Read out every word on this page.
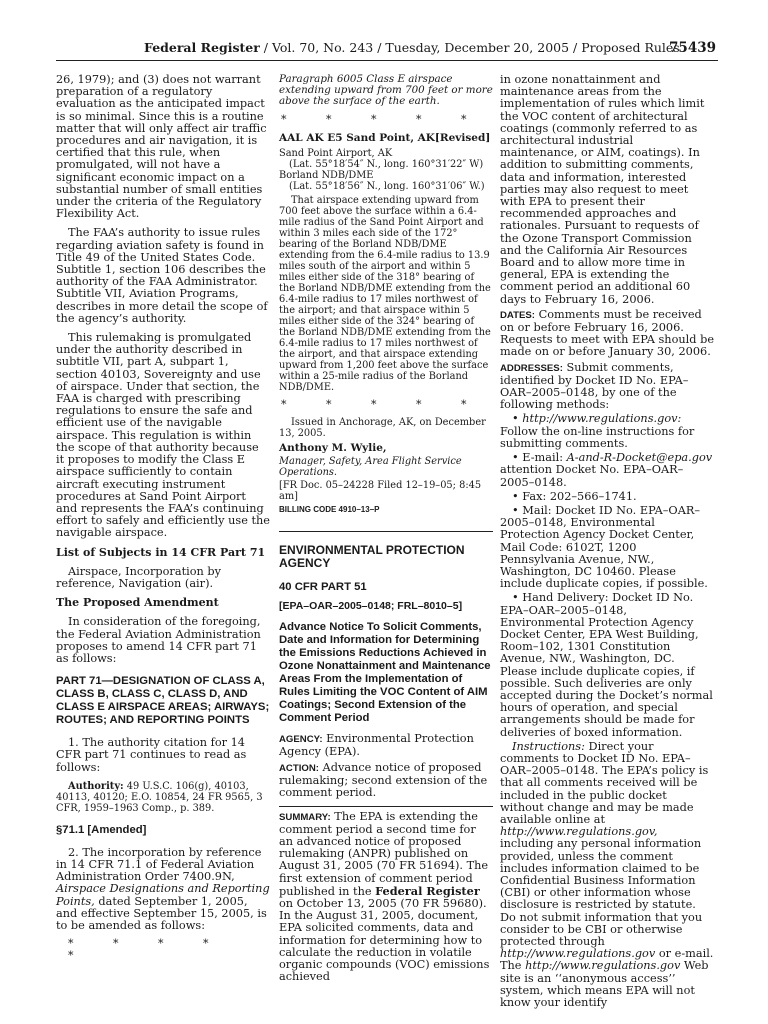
Federal Register / Vol. 70, No. 243 / Tuesday, December 20, 2005 / Proposed Rules
75439

26, 1979); and (3) does not warrant preparation of a regulatory evaluation as the anticipated impact is so minimal. Since this is a routine matter that will only affect air traffic procedures and air navigation, it is certified that this rule, when promulgated, will not have a significant economic impact on a substantial number of small entities under the criteria of the Regulatory Flexibility Act.

The FAA’s authority to issue rules regarding aviation safety is found in Title 49 of the United States Code. Subtitle 1, section 106 describes the authority of the FAA Administrator. Subtitle VII, Aviation Programs, describes in more detail the scope of the agency’s authority.

This rulemaking is promulgated under the authority described in subtitle VII, part A, subpart 1, section 40103, Sovereignty and use of airspace. Under that section, the FAA is charged with prescribing regulations to ensure the safe and efficient use of the navigable airspace. This regulation is within the scope of that authority because it proposes to modify the Class E airspace sufficiently to contain aircraft executing instrument procedures at Sand Point Airport and represents the FAA’s continuing effort to safely and efficiently use the navigable airspace.

List of Subjects in 14 CFR Part 71

Airspace, Incorporation by reference, Navigation (air).

The Proposed Amendment

In consideration of the foregoing, the Federal Aviation Administration proposes to amend 14 CFR part 71 as follows:

PART 71—DESIGNATION OF CLASS A, CLASS B, CLASS C, CLASS D, AND CLASS E AIRSPACE AREAS; AIRWAYS; ROUTES; AND REPORTING POINTS

1. The authority citation for 14 CFR part 71 continues to read as follows:

Authority: 49 U.S.C. 106(g), 40103, 40113, 40120; E.O. 10854, 24 FR 9565, 3 CFR, 1959–1963 Comp., p. 389.

§71.1 [Amended]

2. The incorporation by reference in 14 CFR 71.1 of Federal Aviation Administration Order 7400.9N, Airspace Designations and Reporting Points, dated September 1, 2005, and effective September 15, 2005, is to be amended as follows:

* * * * *

Paragraph 6005 Class E airspace extending upward from 700 feet or more above the surface of the earth.

* * * * *

AAL AK E5 Sand Point, AK[Revised]

Sand Point Airport, AK

(Lat. 55°18′54″ N., long. 160°31′22″ W)

Borland NDB/DME

(Lat. 55°18′56″ N., long. 160°31′06″ W.)

That airspace extending upward from 700 feet above the surface within a 6.4-mile radius of the Sand Point Airport and within 3 miles each side of the 172° bearing of the Borland NDB/DME extending from the 6.4-mile radius to 13.9 miles south of the airport and within 5 miles either side of the 318° bearing of the Borland NDB/DME extending from the 6.4-mile radius to 17 miles northwest of the airport; and that airspace within 5 miles either side of the 324° bearing of the Borland NDB/DME extending from the 6.4-mile radius to 17 miles northwest of the airport, and that airspace extending upward from 1,200 feet above the surface within a 25-mile radius of the Borland NDB/DME.

* * * * *

Issued in Anchorage, AK, on December 13, 2005.

Anthony M. Wylie,

Manager, Safety, Area Flight Service Operations.

[FR Doc. 05–24228 Filed 12–19–05; 8:45 am]

BILLING CODE 4910–13–P

ENVIRONMENTAL PROTECTION AGENCY

40 CFR PART 51

[EPA–OAR–2005–0148; FRL–8010–5]

Advance Notice To Solicit Comments, Date and Information for Determining the Emissions Reductions Achieved in Ozone Nonattainment and Maintenance Areas From the Implementation of Rules Limiting the VOC Content of AIM Coatings; Second Extension of the Comment Period

AGENCY: Environmental Protection Agency (EPA).

ACTION: Advance notice of proposed rulemaking; second extension of the comment period.

SUMMARY: The EPA is extending the comment period a second time for an advanced notice of proposed rulemaking (ANPR) published on August 31, 2005 (70 FR 51694). The first extension of comment period published in the Federal Register on October 13, 2005 (70 FR 59680). In the August 31, 2005, document, EPA solicited comments, data and information for determining how to calculate the reduction in volatile organic compounds (VOC) emissions achieved

in ozone nonattainment and maintenance areas from the implementation of rules which limit the VOC content of architectural coatings (commonly referred to as architectural industrial maintenance, or AIM, coatings). In addition to submitting comments, data and information, interested parties may also request to meet with EPA to present their recommended approaches and rationales. Pursuant to requests of the Ozone Transport Commission and the California Air Resources Board and to allow more time in general, EPA is extending the comment period an additional 60 days to February 16, 2006.

DATES: Comments must be received on or before February 16, 2006. Requests to meet with EPA should be made on or before January 30, 2006.

ADDRESSES: Submit comments, identified by Docket ID No. EPA–OAR–2005–0148, by one of the following methods:

• http://www.regulations.gov: Follow the on-line instructions for submitting comments.

• E-mail: A-and-R-Docket@epa.gov attention Docket No. EPA–OAR–2005–0148.

• Fax: 202–566–1741.

• Mail: Docket ID No. EPA–OAR–2005–0148, Environmental Protection Agency Docket Center, Mail Code: 6102T, 1200 Pennsylvania Avenue, NW., Washington, DC 10460. Please include duplicate copies, if possible.

• Hand Delivery: Docket ID No. EPA–OAR–2005–0148, Environmental Protection Agency Docket Center, EPA West Building, Room–102, 1301 Constitution Avenue, NW., Washington, DC. Please include duplicate copies, if possible. Such deliveries are only accepted during the Docket’s normal hours of operation, and special arrangements should be made for deliveries of boxed information.

Instructions: Direct your comments to Docket ID No. EPA–OAR–2005–0148. The EPA’s policy is that all comments received will be included in the public docket without change and may be made available online at http://www.regulations.gov, including any personal information provided, unless the comment includes information claimed to be Confidential Business Information (CBI) or other information whose disclosure is restricted by statute. Do not submit information that you consider to be CBI or otherwise protected through http://www.regulations.gov or e-mail. The http://www.regulations.gov Web site is an ‘‘anonymous access’’ system, which means EPA will not know your identify
